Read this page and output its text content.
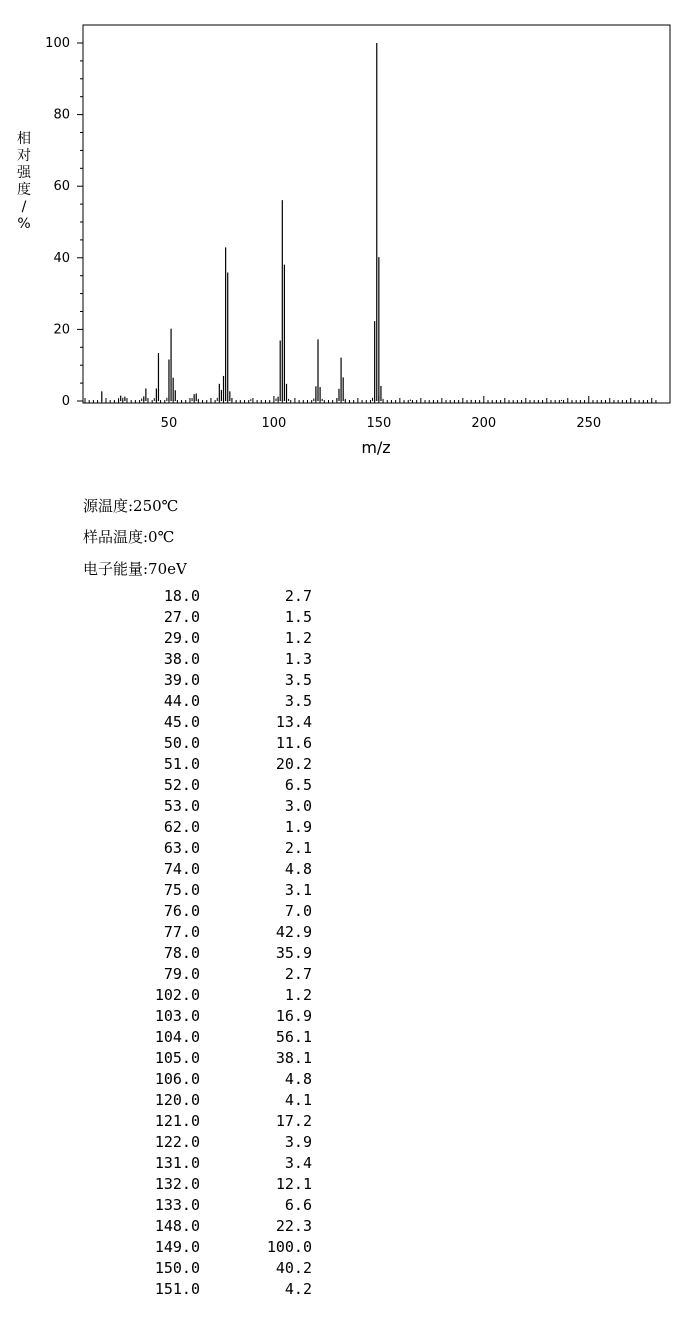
0
20
40
60
80
100
50	100	150	200	250
m/z
相对强度/ %
源温度:250℃
样品温度:0℃
电子能量:70eV
18.0	2.7
27.0	1.5
29.0	1.2
38.0	1.3
39.0	3.5
44.0	3.5
45.0	13.4
50.0	11.6
51.0	20.2
52.0	6.5
53.0	3.0
62.0	1.9
63.0	2.1
74.0	4.8
75.0	3.1
76.0	7.0
77.0	42.9
78.0	35.9
79.0	2.7
102.0	1.2
103.0	16.9
104.0	56.1
105.0	38.1
106.0	4.8
120.0	4.1
121.0	17.2
122.0	3.9
131.0	3.4
132.0	12.1
133.0	6.6
148.0	22.3
149.0	100.0
150.0	40.2
151.0	4.2
